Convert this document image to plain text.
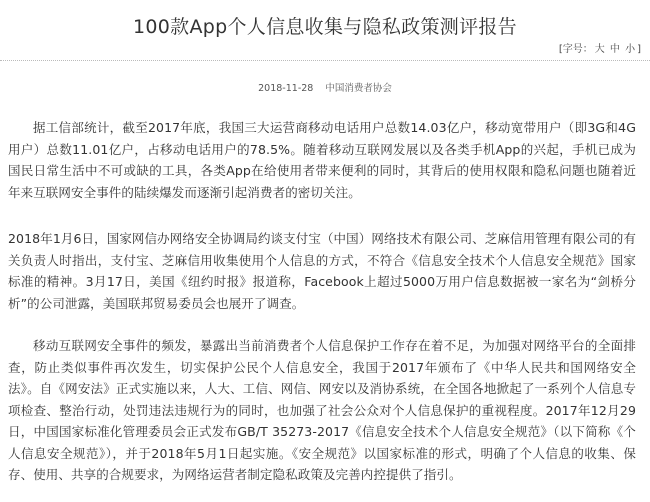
100款App个人信息收集与隐私政策测评报告
[字号： 大 中 小 ]
2018-11-28 中国消费者协会

据工信部统计，截至2017年底，我国三大运营商移动电话用户总数14.03亿户，移动宽带用户（即3G和4G用户）总数11.01亿户，占移动电话用户的78.5%。随着移动互联网发展以及各类手机App的兴起，手机已成为国民日常生活中不可或缺的工具，各类App在给使用者带来便利的同时，其背后的使用权限和隐私问题也随着近年来互联网安全事件的陆续爆发而逐渐引起消费者的密切关注。

2018年1月6日，国家网信办网络安全协调局约谈支付宝（中国）网络技术有限公司、芝麻信用管理有限公司的有关负责人时指出，支付宝、芝麻信用收集使用个人信息的方式，不符合《信息安全技术个人信息安全规范》国家标准的精神。3月17日，美国《纽约时报》报道称，Facebook上超过5000万用户信息数据被一家名为“剑桥分析”的公司泄露，美国联邦贸易委员会也展开了调查。

移动互联网安全事件的频发，暴露出当前消费者个人信息保护工作存在着不足，为加强对网络平台的全面排查，防止类似事件再次发生，切实保护公民个人信息安全，我国于2017年颁布了《中华人民共和国网络安全法》。自《网安法》正式实施以来，人大、工信、网信、网安以及消协系统，在全国各地掀起了一系列个人信息专项检查、整治行动，处罚违法违规行为的同时，也加强了社会公众对个人信息保护的重视程度。2017年12月29日，中国国家标准化管理委员会正式发布GB/T 35273-2017《信息安全技术个人信息安全规范》（以下简称《个人信息安全规范》），并于2018年5月1日起实施。《安全规范》以国家标准的形式，明确了个人信息的收集、保存、使用、共享的合规要求，为网络运营者制定隐私政策及完善内控提供了指引。
